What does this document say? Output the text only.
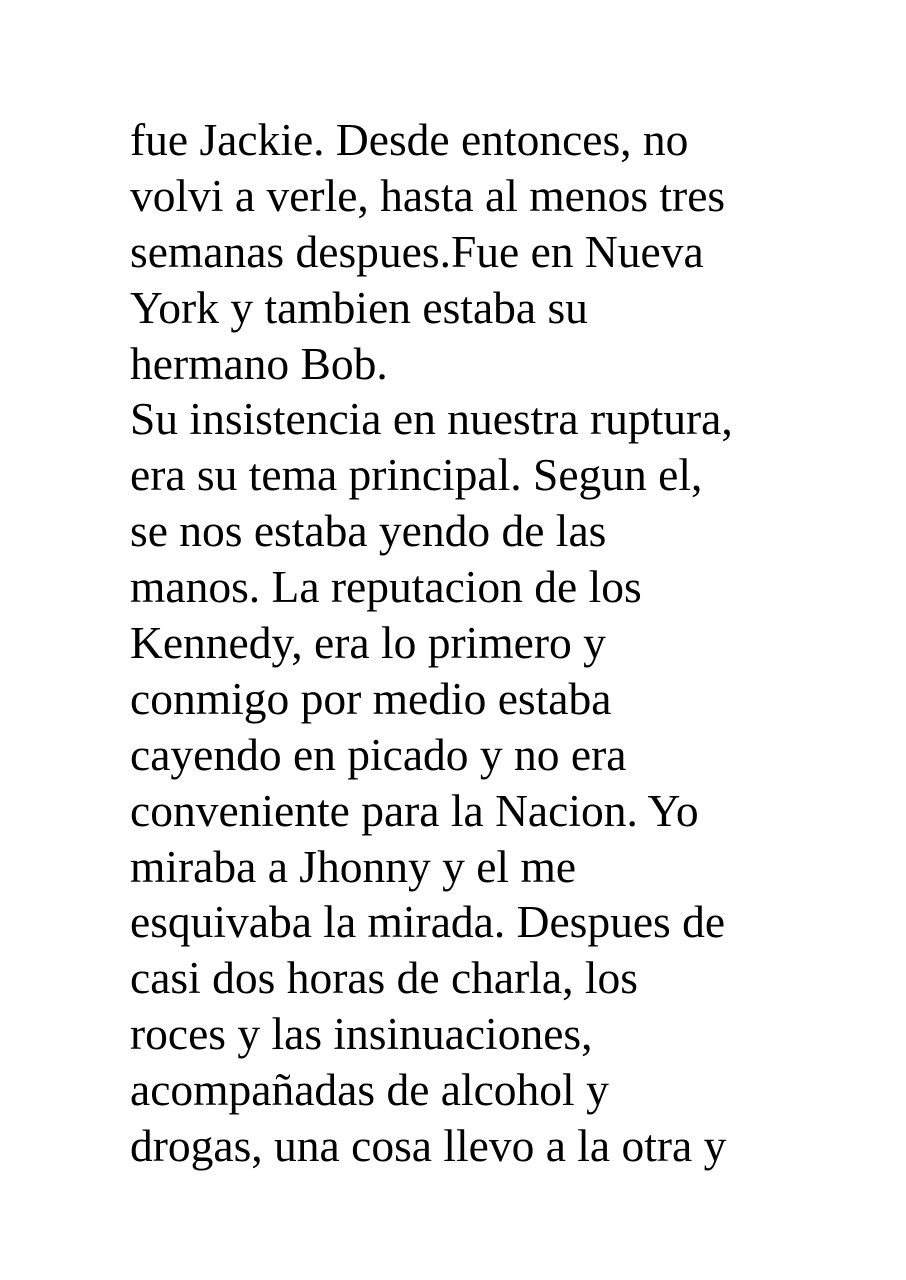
fue Jackie. Desde entonces, no
volvi a verle, hasta al menos tres
semanas despues.Fue en Nueva
York y tambien estaba su
hermano Bob.
Su insistencia en nuestra ruptura,
era su tema principal. Segun el,
se nos estaba yendo de las
manos. La reputacion de los
Kennedy, era lo primero y
conmigo por medio estaba
cayendo en picado y no era
conveniente para la Nacion. Yo
miraba a Jhonny y el me
esquivaba la mirada. Despues de
casi dos horas de charla, los
roces y las insinuaciones,
acompañadas de alcohol y
drogas, una cosa llevo a la otra y
